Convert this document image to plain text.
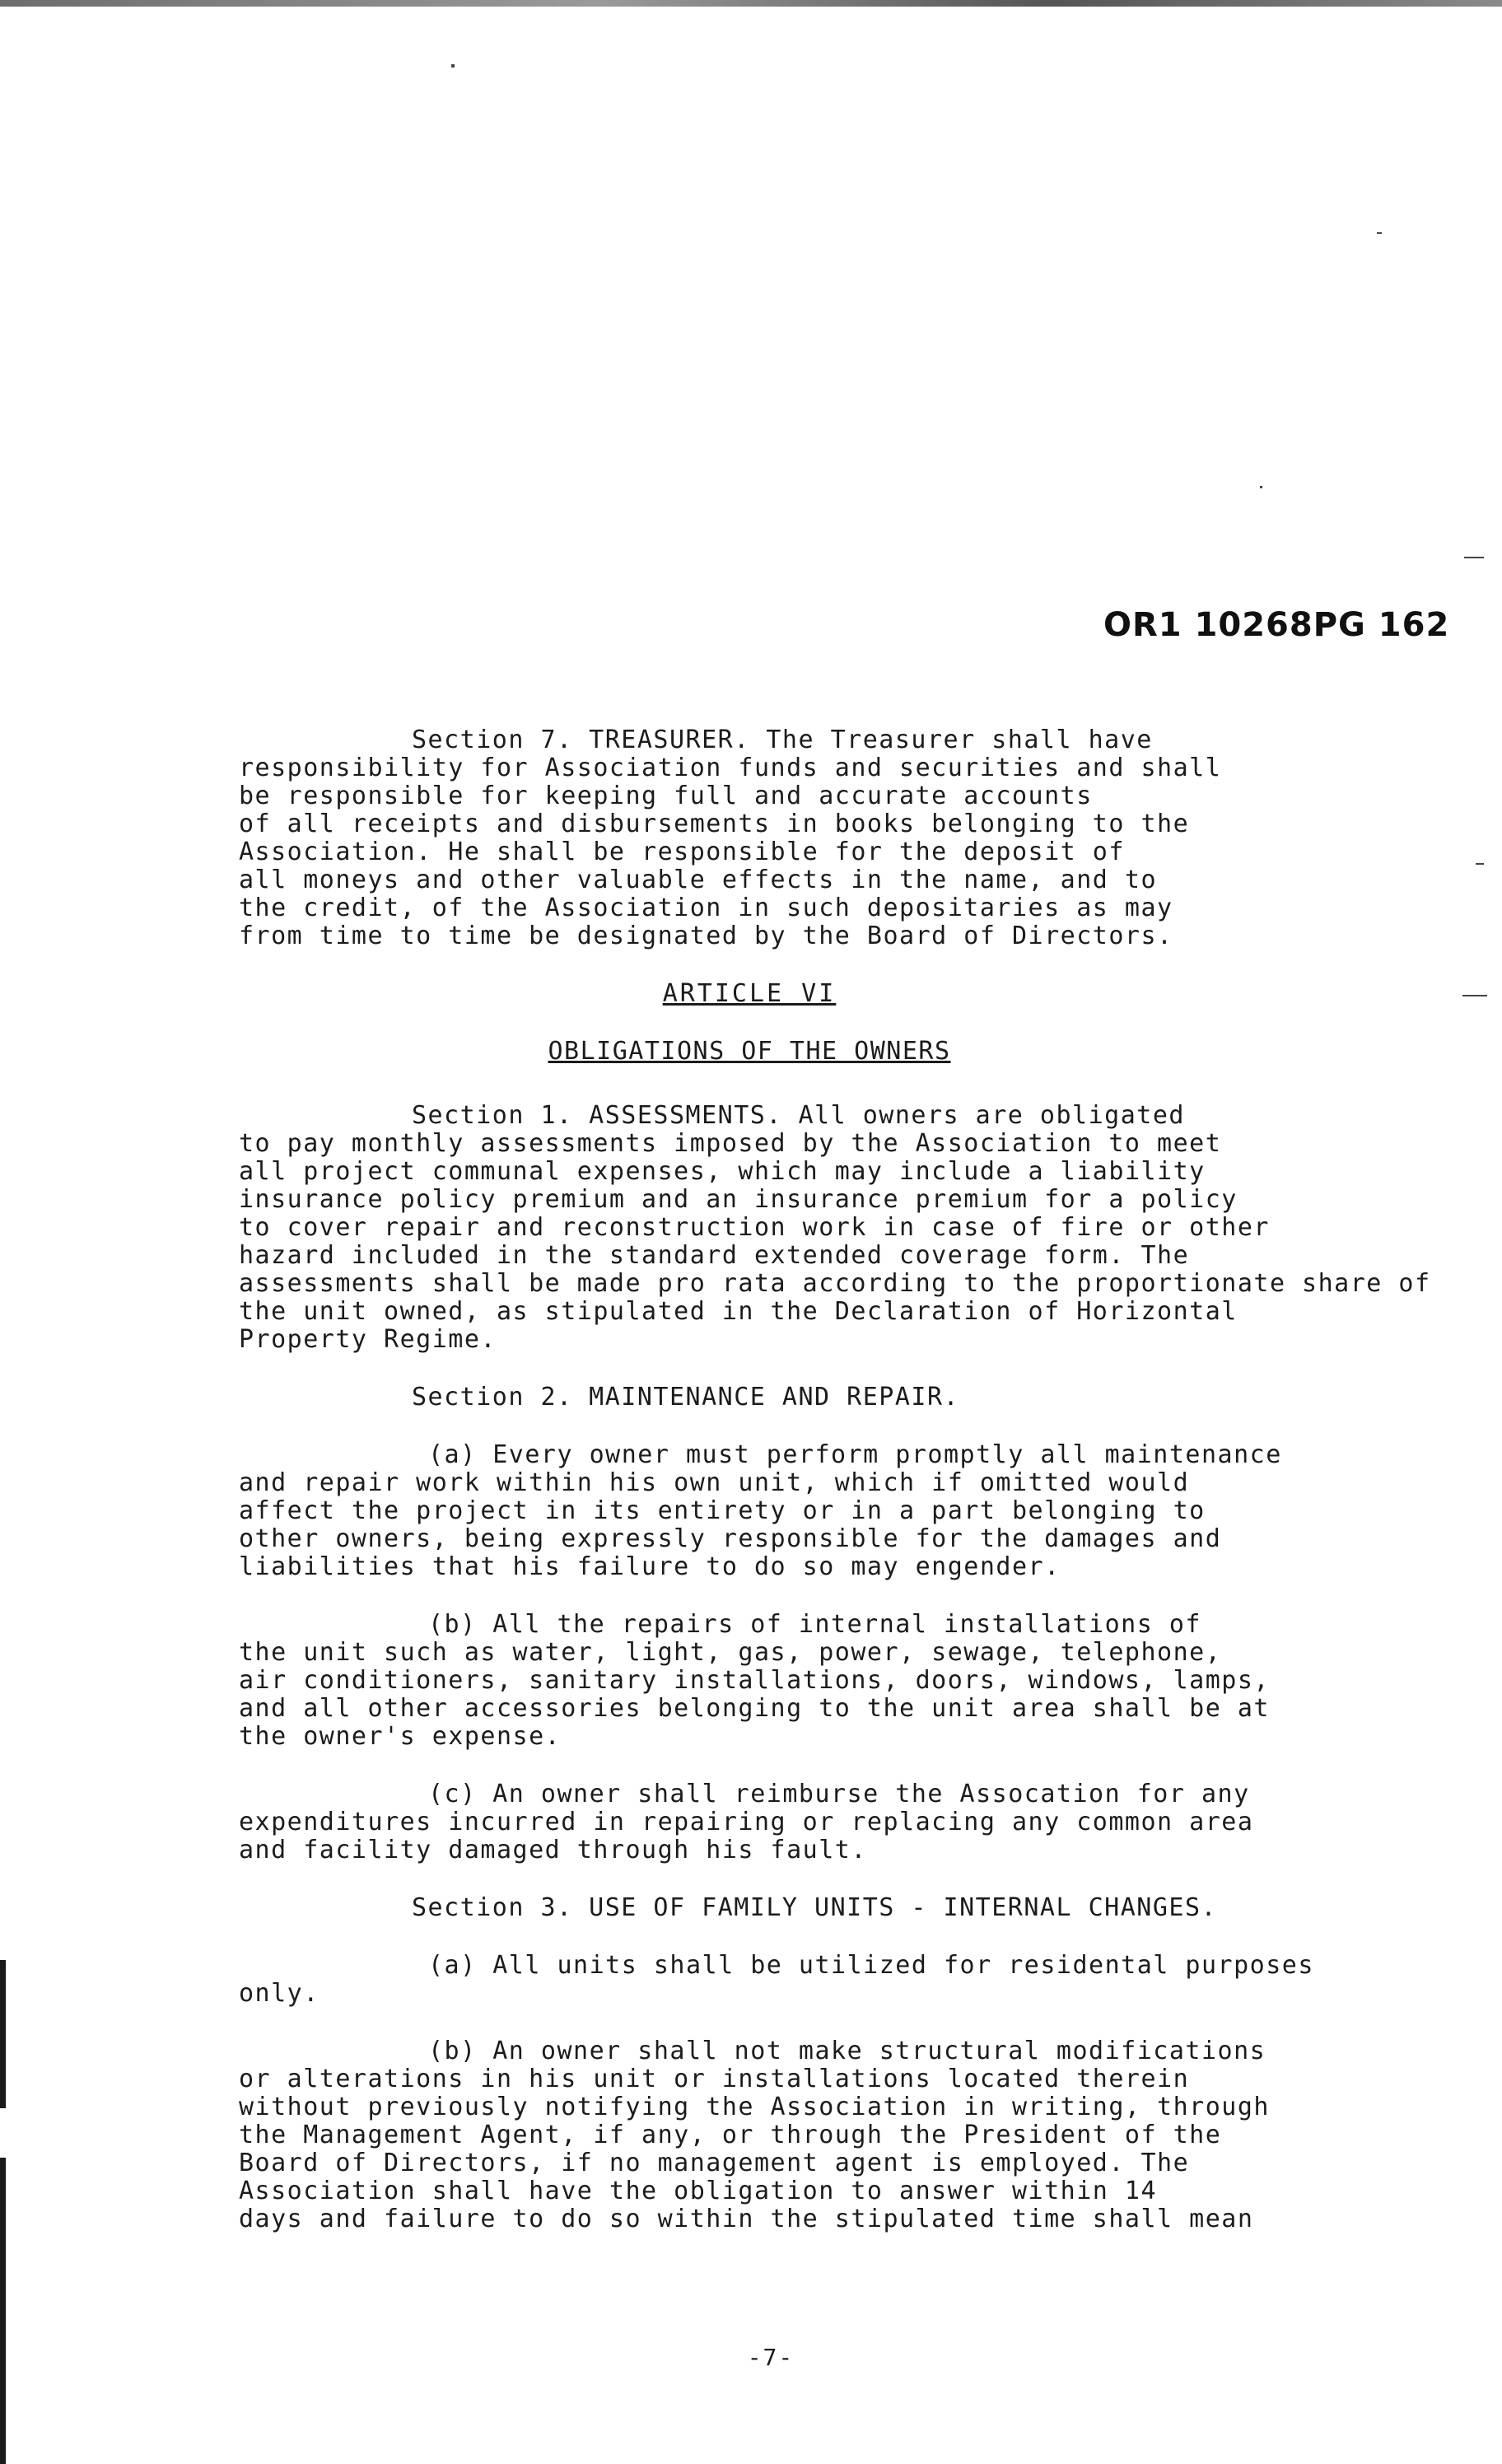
OR1 10268PG 162
Section 7. TREASURER. The Treasurer shall have
responsibility for Association funds and securities and shall
be responsible for keeping full and accurate accounts
of all receipts and disbursements in books belonging to the
Association. He shall be responsible for the deposit of
all moneys and other valuable effects in the name, and to
the credit, of the Association in such depositaries as may
from time to time be designated by the Board of Directors.
ARTICLE VI
OBLIGATIONS OF THE OWNERS
Section 1. ASSESSMENTS. All owners are obligated
to pay monthly assessments imposed by the Association to meet
all project communal expenses, which may include a liability
insurance policy premium and an insurance premium for a policy
to cover repair and reconstruction work in case of fire or other
hazard included in the standard extended coverage form. The
assessments shall be made pro rata according to the proportionate share of
the unit owned, as stipulated in the Declaration of Horizontal
Property Regime.
Section 2. MAINTENANCE AND REPAIR.
(a) Every owner must perform promptly all maintenance
and repair work within his own unit, which if omitted would
affect the project in its entirety or in a part belonging to
other owners, being expressly responsible for the damages and
liabilities that his failure to do so may engender.
(b) All the repairs of internal installations of
the unit such as water, light, gas, power, sewage, telephone,
air conditioners, sanitary installations, doors, windows, lamps,
and all other accessories belonging to the unit area shall be at
the owner's expense.
(c) An owner shall reimburse the Assocation for any
expenditures incurred in repairing or replacing any common area
and facility damaged through his fault.
Section 3. USE OF FAMILY UNITS - INTERNAL CHANGES.
(a) All units shall be utilized for residental purposes
only.
(b) An owner shall not make structural modifications
or alterations in his unit or installations located therein
without previously notifying the Association in writing, through
the Management Agent, if any, or through the President of the
Board of Directors, if no management agent is employed. The
Association shall have the obligation to answer within 14
days and failure to do so within the stipulated time shall mean
-7-
